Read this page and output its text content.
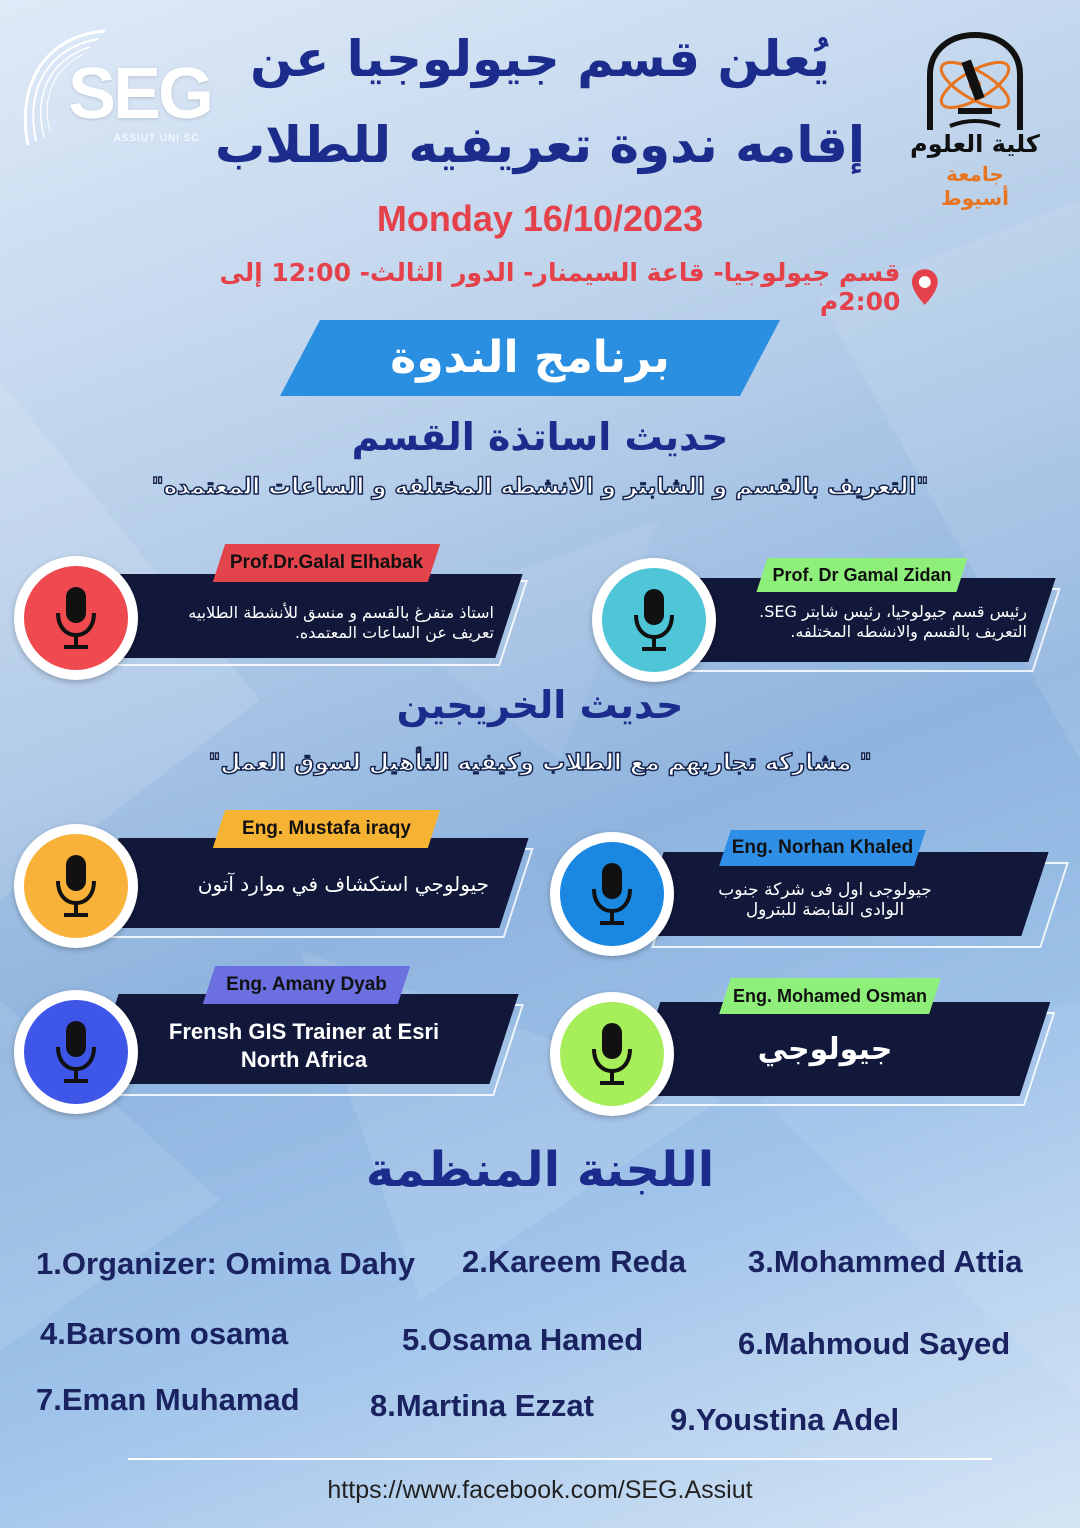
SEG
ASSIUT UNI SC
يُعلن قسم جيولوجيا عن
إقامه ندوة تعريفيه للطلاب
Monday 16/10/2023
قسم جيولوجيا- قاعة السيمنار- الدور الثالث- 12:00 إلى 2:00م
كلية العلوم
جامعة أسيوط
برنامج الندوة
حديث اساتذة القسم
"التعريف بالقسم و الشابتر و الانشطه المختلفه و الساعات المعتمده"
Prof.Dr.Galal Elhabak
استاذ متفرغ بالقسم و منسق للأنشطة الطلابيه
تعريف عن الساعات المعتمده.
Prof. Dr Gamal Zidan
رئيس قسم جيولوجيا، رئيس شابتر SEG.
التعريف بالقسم والانشطه المختلفه.
حديث الخريجين
"مشاركه تجاربهم مع الطلاب وكيفيه التأهيل لسوق العمل "
Eng. Mustafa iraqy
جيولوجي استكشاف في موارد آتون
Eng. Norhan Khaled
جيولوجى اول فى شركة جنوب
الوادى القابضة للبترول
Eng. Amany Dyab
Frensh GIS Trainer at Esri
North Africa
Eng. Mohamed Osman
جيولوجي
اللجنة المنظمة
1.Organizer: Omima Dahy 2.Kareem Reda 3.Mohammed Attia
4.Barsom osama	5.Osama Hamed	6.Mahmoud Sayed
7.Eman Muhamad 8.Martina Ezzat 9.Youstina Adel
https://www.facebook.com/SEG.Assiut
